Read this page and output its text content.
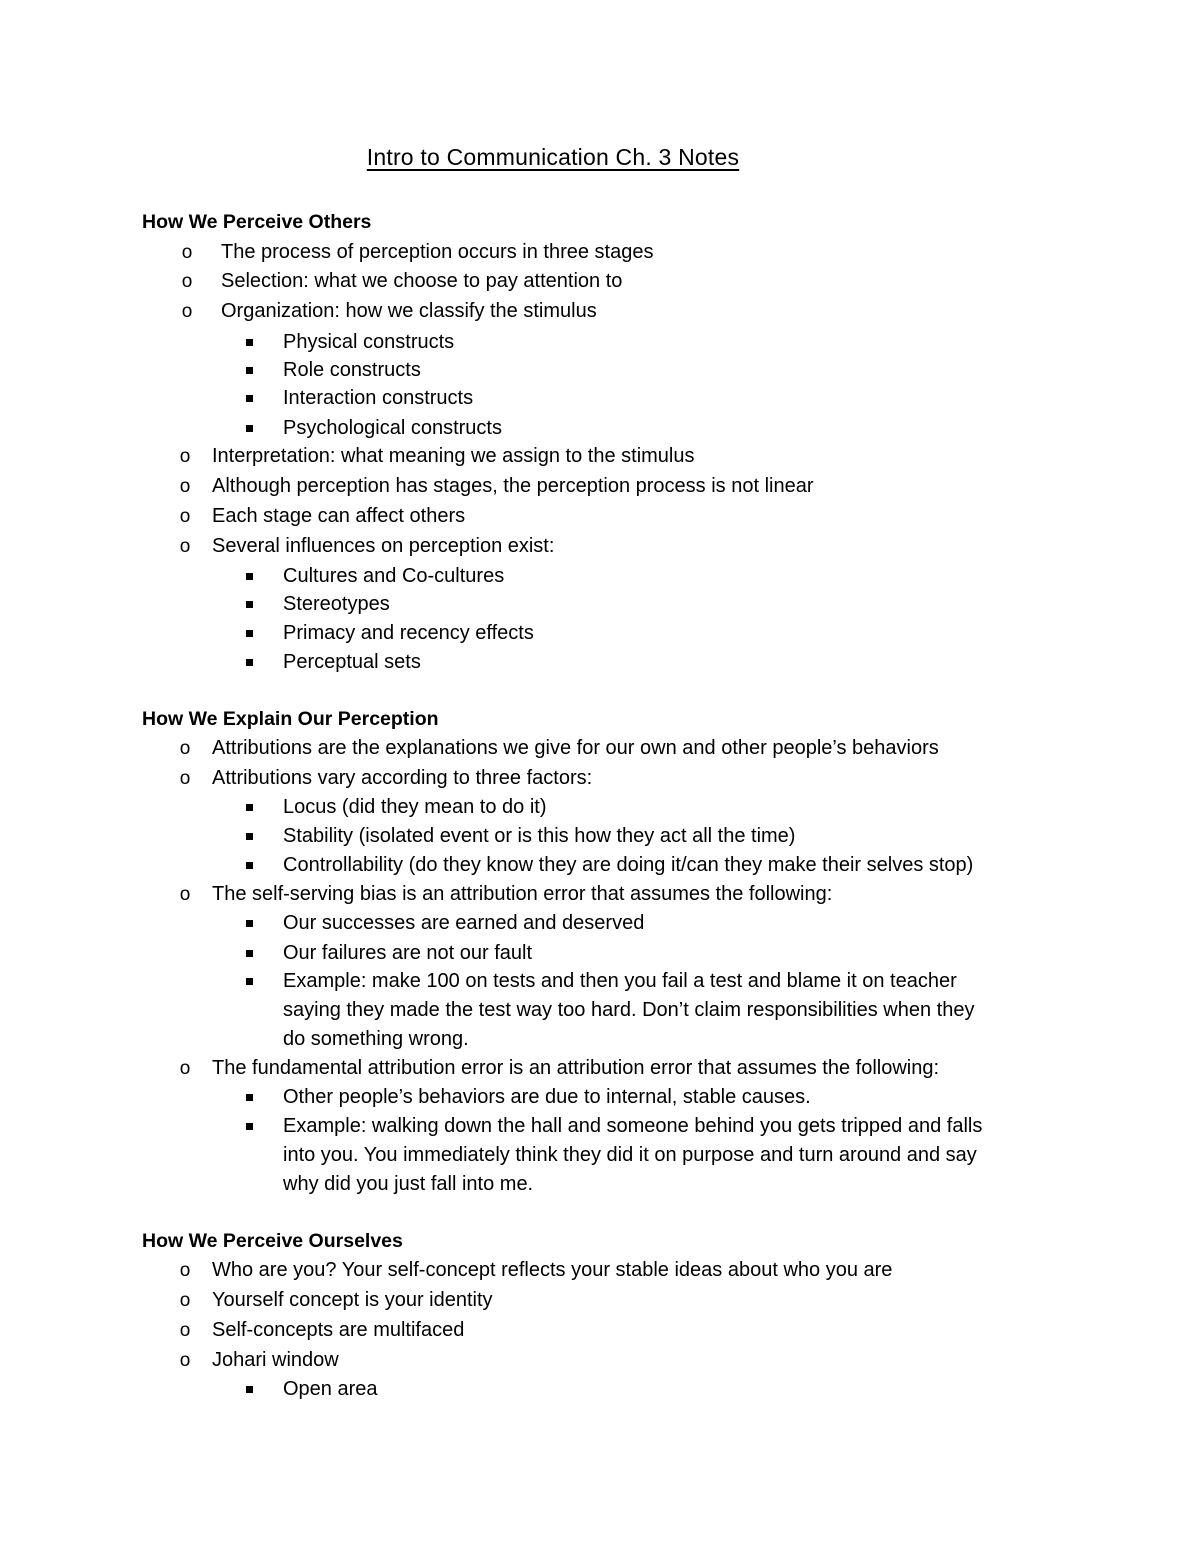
Intro to Communication Ch. 3 Notes
How We Perceive Others
o The process of perception occurs in three stages
o Selection: what we choose to pay attention to
o Organization: how we classify the stimulus
Physical constructs
Role constructs
Interaction constructs
Psychological constructs
o Interpretation: what meaning we assign to the stimulus
o Although perception has stages, the perception process is not linear
o Each stage can affect others
o Several influences on perception exist:
Cultures and Co-cultures
Stereotypes
Primacy and recency effects
Perceptual sets
How We Explain Our Perception
o Attributions are the explanations we give for our own and other people’s behaviors
o Attributions vary according to three factors:
Locus (did they mean to do it)
Stability (isolated event or is this how they act all the time)
Controllability (do they know they are doing it/can they make their selves stop)
o The self-serving bias is an attribution error that assumes the following:
Our successes are earned and deserved
Our failures are not our fault
Example: make 100 on tests and then you fail a test and blame it on teacher
saying they made the test way too hard. Don’t claim responsibilities when they
do something wrong.
o The fundamental attribution error is an attribution error that assumes the following:
Other people’s behaviors are due to internal, stable causes.
Example: walking down the hall and someone behind you gets tripped and falls
into you. You immediately think they did it on purpose and turn around and say
why did you just fall into me.
How We Perceive Ourselves
o Who are you? Your self-concept reflects your stable ideas about who you are
o Yourself concept is your identity
o Self-concepts are multifaced
o Johari window
Open area
